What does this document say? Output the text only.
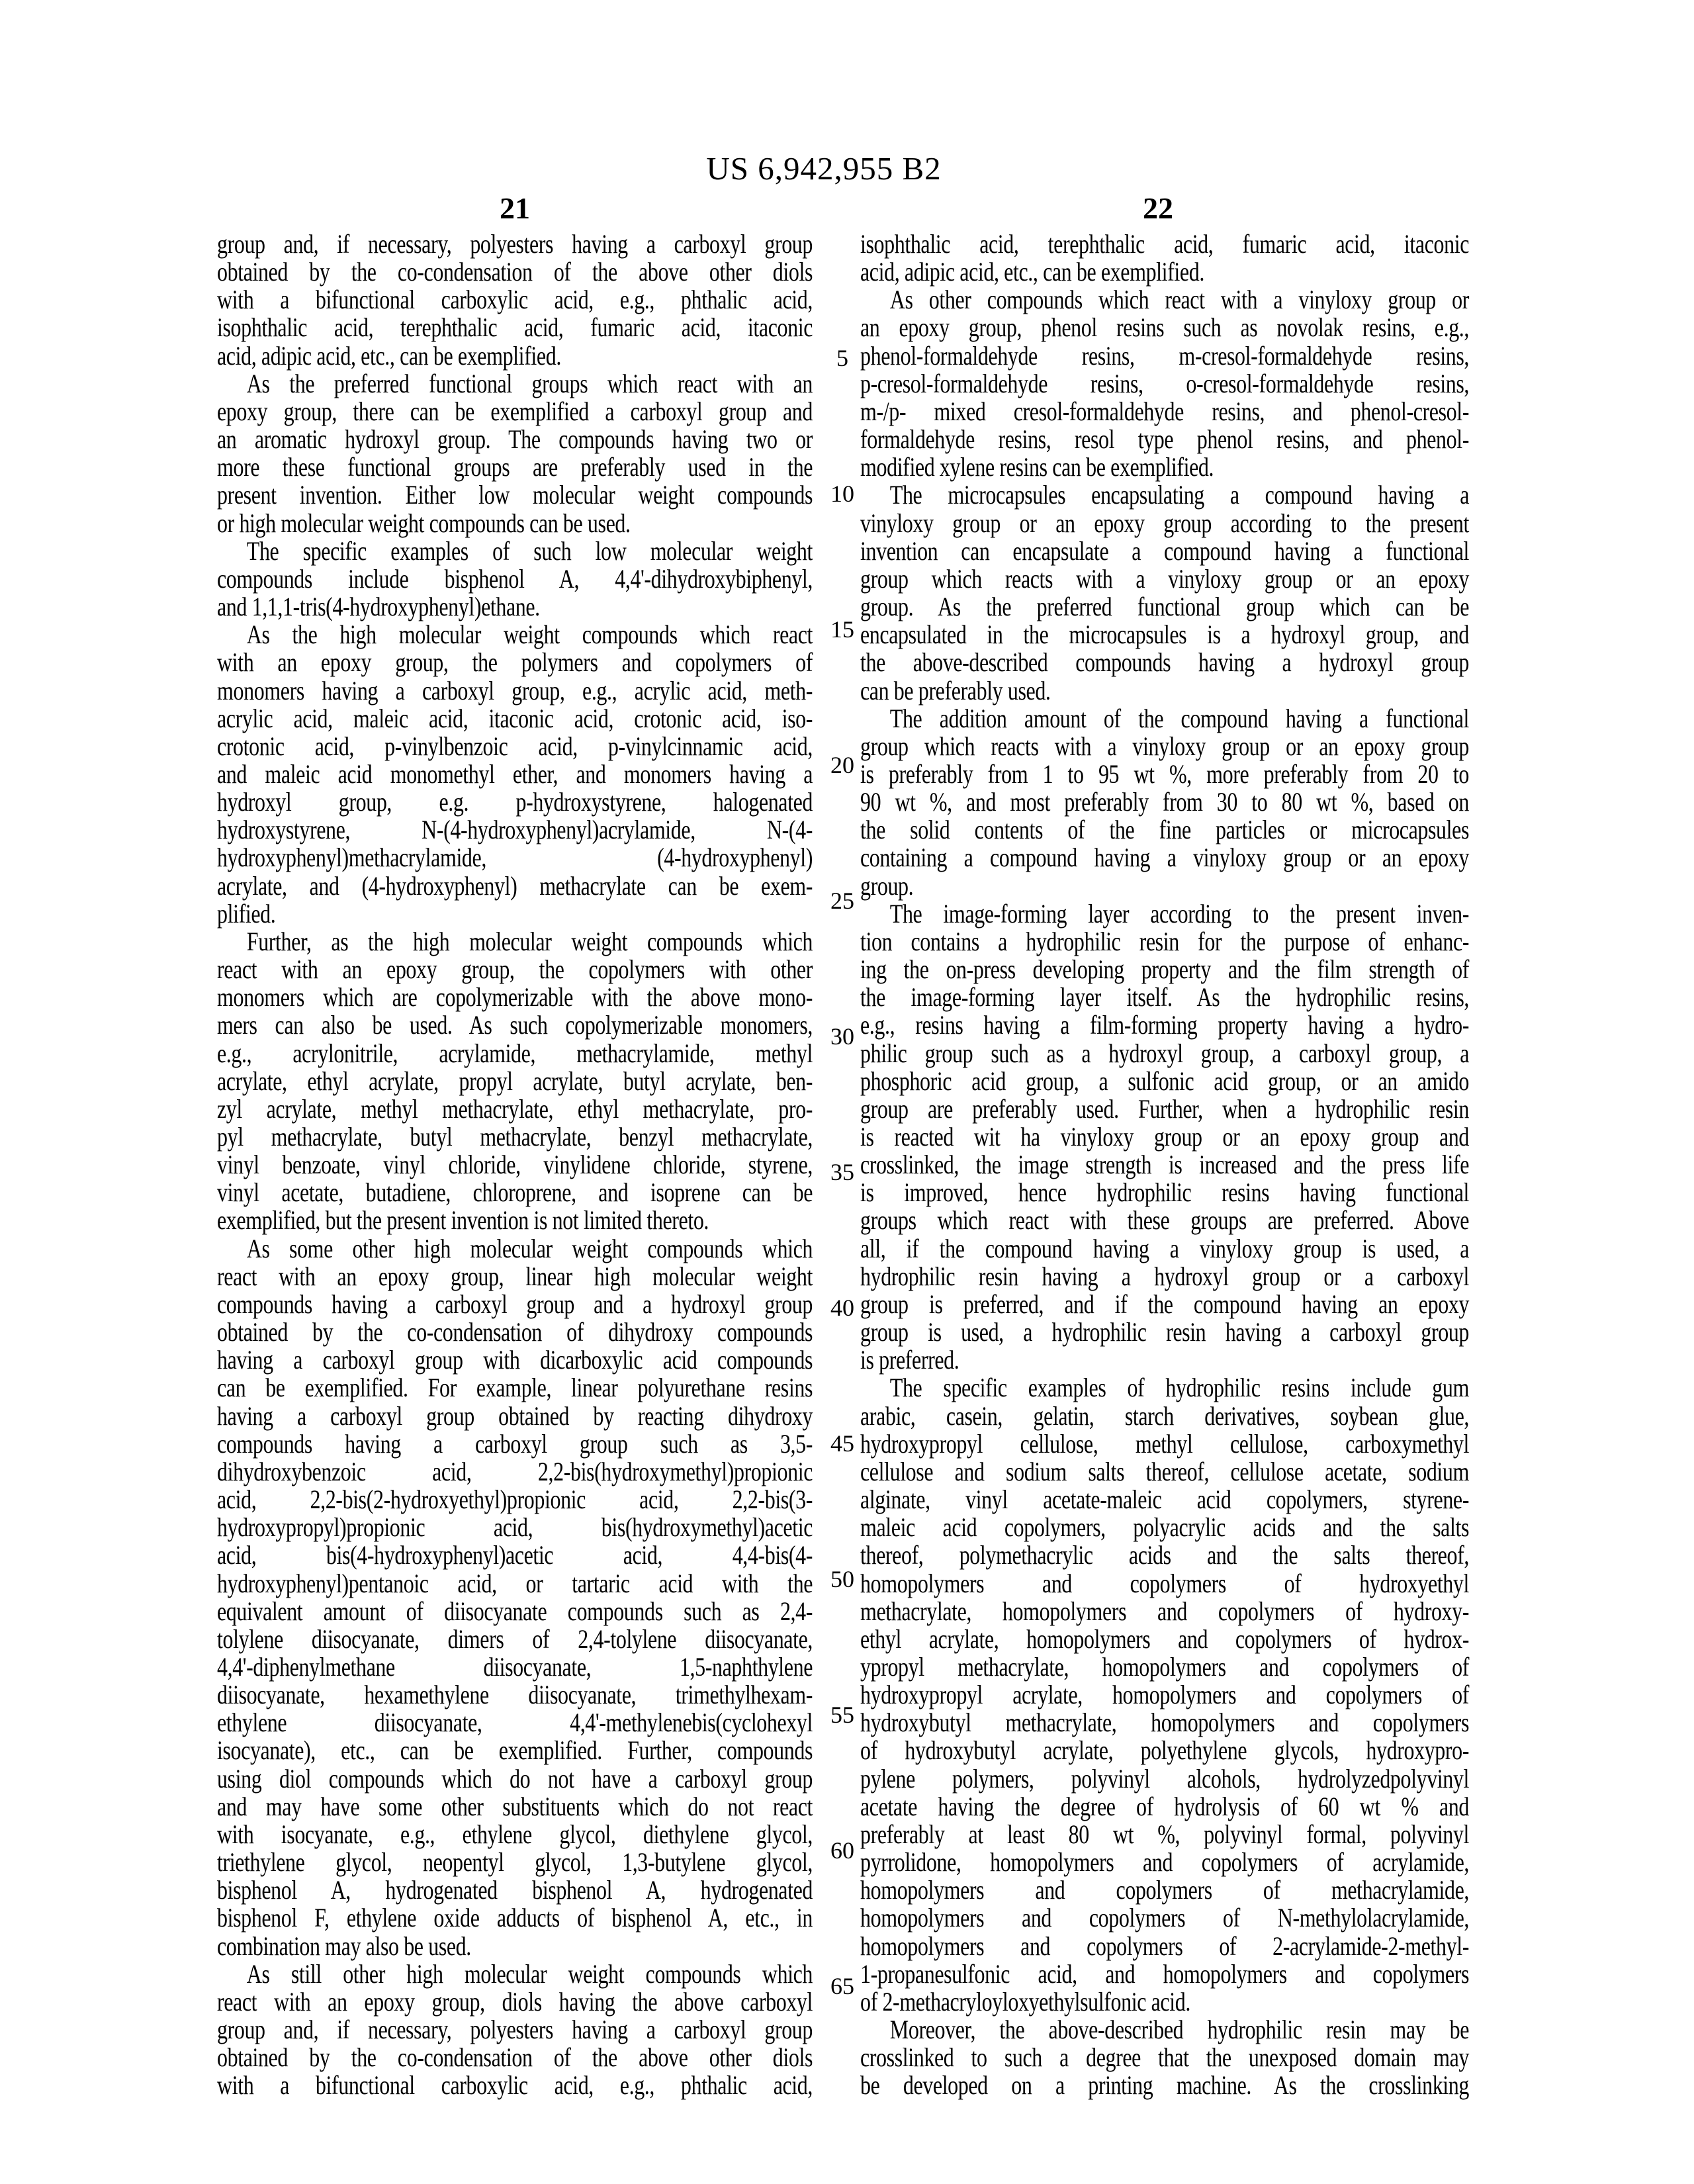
US 6,942,955 B2
21	22
group and, if necessary, polyesters having a carboxyl group
obtained by the co-condensation of the above other diols
with a bifunctional carboxylic acid, e.g., phthalic acid,
isophthalic acid, terephthalic acid, fumaric acid, itaconic
acid, adipic acid, etc., can be exemplified.
As the preferred functional groups which react with an
epoxy group, there can be exemplified a carboxyl group and
an aromatic hydroxyl group. The compounds having two or
more these functional groups are preferably used in the
present invention. Either low molecular weight compounds
or high molecular weight compounds can be used.
The specific examples of such low molecular weight
compounds include bisphenol A, 4,4'-dihydroxybiphenyl,
and 1,1,1-tris(4-hydroxyphenyl)ethane.
As the high molecular weight compounds which react
with an epoxy group, the polymers and copolymers of
monomers having a carboxyl group, e.g., acrylic acid, meth-
acrylic acid, maleic acid, itaconic acid, crotonic acid, iso-
crotonic acid, p-vinylbenzoic acid, p-vinylcinnamic acid,
and maleic acid monomethyl ether, and monomers having a
hydroxyl group, e.g. p-hydroxystyrene, halogenated
hydroxystyrene, N-(4-hydroxyphenyl)acrylamide, N-(4-
hydroxyphenyl)methacrylamide, (4-hydroxyphenyl)
acrylate, and (4-hydroxyphenyl) methacrylate can be exem-
plified.
Further, as the high molecular weight compounds which
react with an epoxy group, the copolymers with other
monomers which are copolymerizable with the above mono-
mers can also be used. As such copolymerizable monomers,
e.g., acrylonitrile, acrylamide, methacrylamide, methyl
acrylate, ethyl acrylate, propyl acrylate, butyl acrylate, ben-
zyl acrylate, methyl methacrylate, ethyl methacrylate, pro-
pyl methacrylate, butyl methacrylate, benzyl methacrylate,
vinyl benzoate, vinyl chloride, vinylidene chloride, styrene,
vinyl acetate, butadiene, chloroprene, and isoprene can be
exemplified, but the present invention is not limited thereto.
As some other high molecular weight compounds which
react with an epoxy group, linear high molecular weight
compounds having a carboxyl group and a hydroxyl group
obtained by the co-condensation of dihydroxy compounds
having a carboxyl group with dicarboxylic acid compounds
can be exemplified. For example, linear polyurethane resins
having a carboxyl group obtained by reacting dihydroxy
compounds having a carboxyl group such as 3,5-
dihydroxybenzoic acid, 2,2-bis(hydroxymethyl)propionic
acid, 2,2-bis(2-hydroxyethyl)propionic acid, 2,2-bis(3-
hydroxypropyl)propionic acid, bis(hydroxymethyl)acetic
acid, bis(4-hydroxyphenyl)acetic acid, 4,4-bis(4-
hydroxyphenyl)pentanoic acid, or tartaric acid with the
equivalent amount of diisocyanate compounds such as 2,4-
tolylene diisocyanate, dimers of 2,4-tolylene diisocyanate,
4,4'-diphenylmethane diisocyanate, 1,5-naphthylene
diisocyanate, hexamethylene diisocyanate, trimethylhexam-
ethylene diisocyanate, 4,4'-methylenebis(cyclohexyl
isocyanate), etc., can be exemplified. Further, compounds
using diol compounds which do not have a carboxyl group
and may have some other substituents which do not react
with isocyanate, e.g., ethylene glycol, diethylene glycol,
triethylene glycol, neopentyl glycol, 1,3-butylene glycol,
bisphenol A, hydrogenated bisphenol A, hydrogenated
bisphenol F, ethylene oxide adducts of bisphenol A, etc., in
combination may also be used.
As still other high molecular weight compounds which
react with an epoxy group, diols having the above carboxyl
group and, if necessary, polyesters having a carboxyl group
obtained by the co-condensation of the above other diols
with a bifunctional carboxylic acid, e.g., phthalic acid,
5
10
15
20
25
30
35
40
45
50
55
60
65
isophthalic acid, terephthalic acid, fumaric acid, itaconic
acid, adipic acid, etc., can be exemplified.
As other compounds which react with a vinyloxy group or
an epoxy group, phenol resins such as novolak resins, e.g.,
phenol-formaldehyde resins, m-cresol-formaldehyde resins,
p-cresol-formaldehyde resins, o-cresol-formaldehyde resins,
m-/p- mixed cresol-formaldehyde resins, and phenol-cresol-
formaldehyde resins, resol type phenol resins, and phenol-
modified xylene resins can be exemplified.
The microcapsules encapsulating a compound having a
vinyloxy group or an epoxy group according to the present
invention can encapsulate a compound having a functional
group which reacts with a vinyloxy group or an epoxy
group. As the preferred functional group which can be
encapsulated in the microcapsules is a hydroxyl group, and
the above-described compounds having a hydroxyl group
can be preferably used.
The addition amount of the compound having a functional
group which reacts with a vinyloxy group or an epoxy group
is preferably from 1 to 95 wt %, more preferably from 20 to
90 wt %, and most preferably from 30 to 80 wt %, based on
the solid contents of the fine particles or microcapsules
containing a compound having a vinyloxy group or an epoxy
group.
The image-forming layer according to the present inven-
tion contains a hydrophilic resin for the purpose of enhanc-
ing the on-press developing property and the film strength of
the image-forming layer itself. As the hydrophilic resins,
e.g., resins having a film-forming property having a hydro-
philic group such as a hydroxyl group, a carboxyl group, a
phosphoric acid group, a sulfonic acid group, or an amido
group are preferably used. Further, when a hydrophilic resin
is reacted wit ha vinyloxy group or an epoxy group and
crosslinked, the image strength is increased and the press life
is improved, hence hydrophilic resins having functional
groups which react with these groups are preferred. Above
all, if the compound having a vinyloxy group is used, a
hydrophilic resin having a hydroxyl group or a carboxyl
group is preferred, and if the compound having an epoxy
group is used, a hydrophilic resin having a carboxyl group
is preferred.
The specific examples of hydrophilic resins include gum
arabic, casein, gelatin, starch derivatives, soybean glue,
hydroxypropyl cellulose, methyl cellulose, carboxymethyl
cellulose and sodium salts thereof, cellulose acetate, sodium
alginate, vinyl acetate-maleic acid copolymers, styrene-
maleic acid copolymers, polyacrylic acids and the salts
thereof, polymethacrylic acids and the salts thereof,
homopolymers and copolymers of hydroxyethyl
methacrylate, homopolymers and copolymers of hydroxy-
ethyl acrylate, homopolymers and copolymers of hydrox-
ypropyl methacrylate, homopolymers and copolymers of
hydroxypropyl acrylate, homopolymers and copolymers of
hydroxybutyl methacrylate, homopolymers and copolymers
of hydroxybutyl acrylate, polyethylene glycols, hydroxypro-
pylene polymers, polyvinyl alcohols, hydrolyzedpolyvinyl
acetate having the degree of hydrolysis of 60 wt % and
preferably at least 80 wt %, polyvinyl formal, polyvinyl
pyrrolidone, homopolymers and copolymers of acrylamide,
homopolymers and copolymers of methacrylamide,
homopolymers and copolymers of N-methylolacrylamide,
homopolymers and copolymers of 2-acrylamide-2-methyl-
1-propanesulfonic acid, and homopolymers and copolymers
of 2-methacryloyloxyethylsulfonic acid.
Moreover, the above-described hydrophilic resin may be
crosslinked to such a degree that the unexposed domain may
be developed on a printing machine. As the crosslinking
